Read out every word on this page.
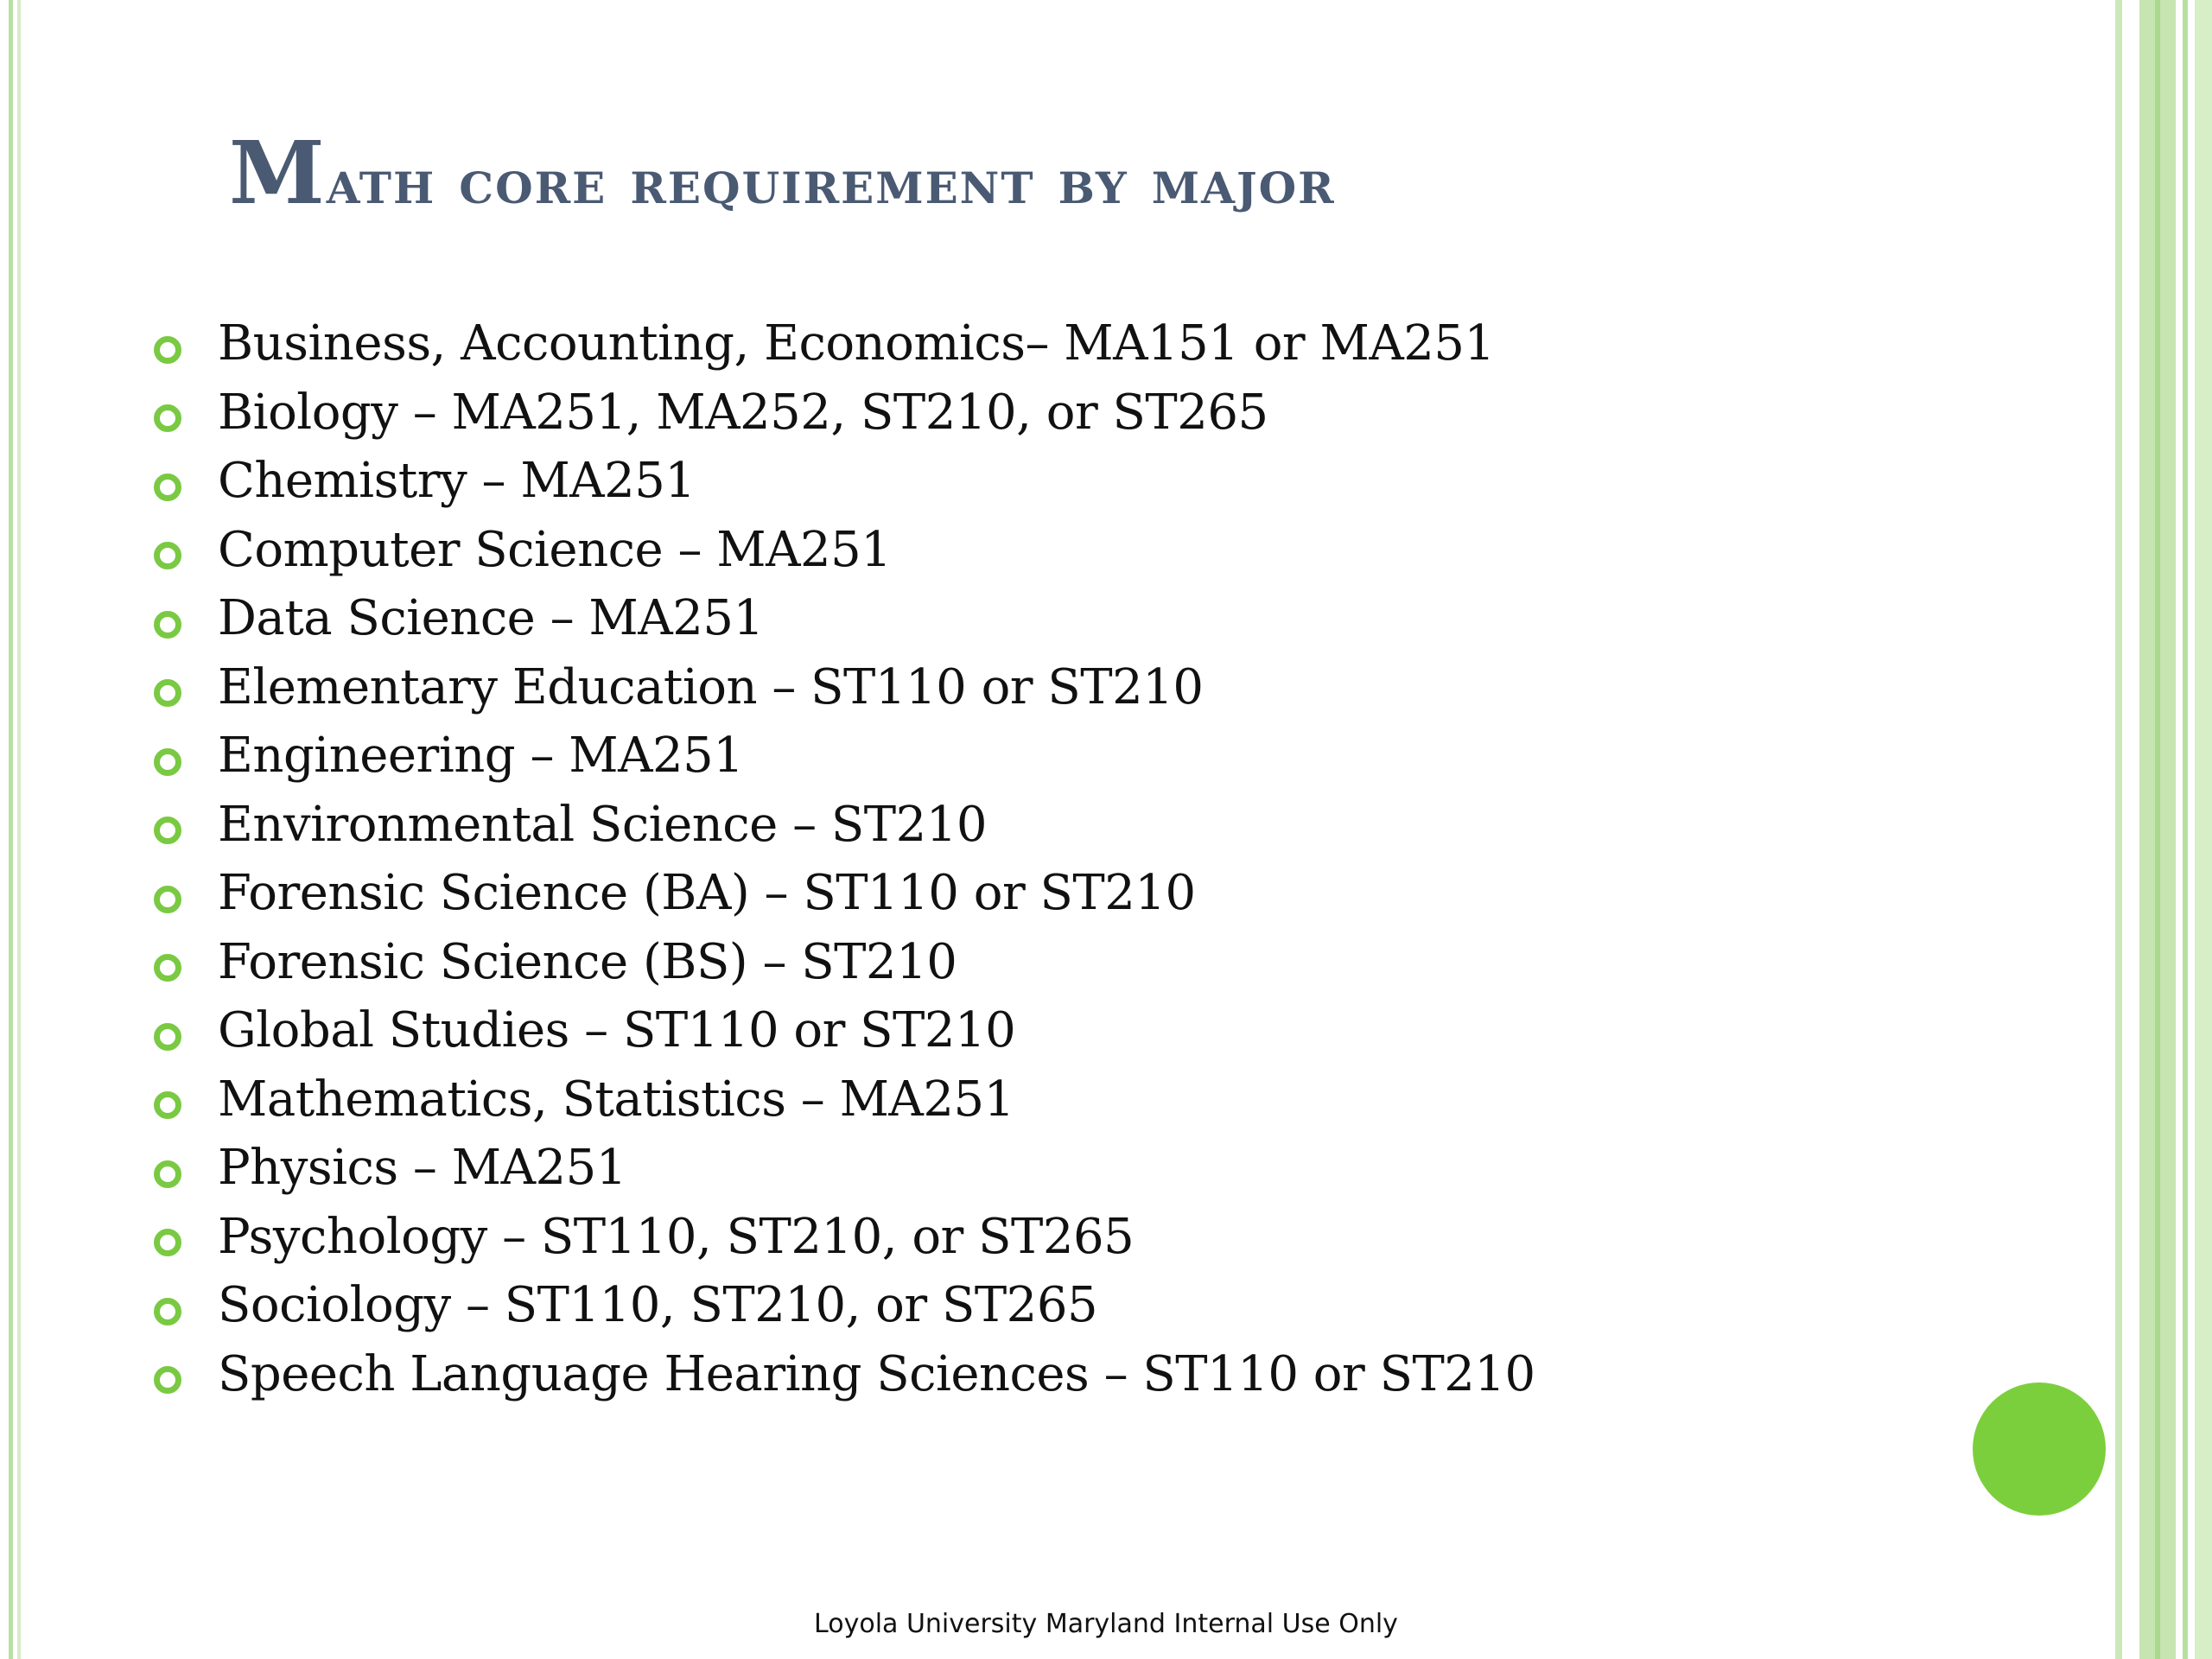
Math core requirement by major
Business, Accounting, Economics– MA151 or MA251
Biology – MA251, MA252, ST210, or ST265
Chemistry – MA251
Computer Science – MA251
Data Science – MA251
Elementary Education – ST110 or ST210
Engineering – MA251
Environmental Science – ST210
Forensic Science (BA) – ST110 or ST210
Forensic Science (BS) – ST210
Global Studies – ST110 or ST210
Mathematics, Statistics – MA251
Physics – MA251
Psychology – ST110, ST210, or ST265
Sociology – ST110, ST210, or ST265
Speech Language Hearing Sciences – ST110 or ST210
Loyola University Maryland Internal Use Only
